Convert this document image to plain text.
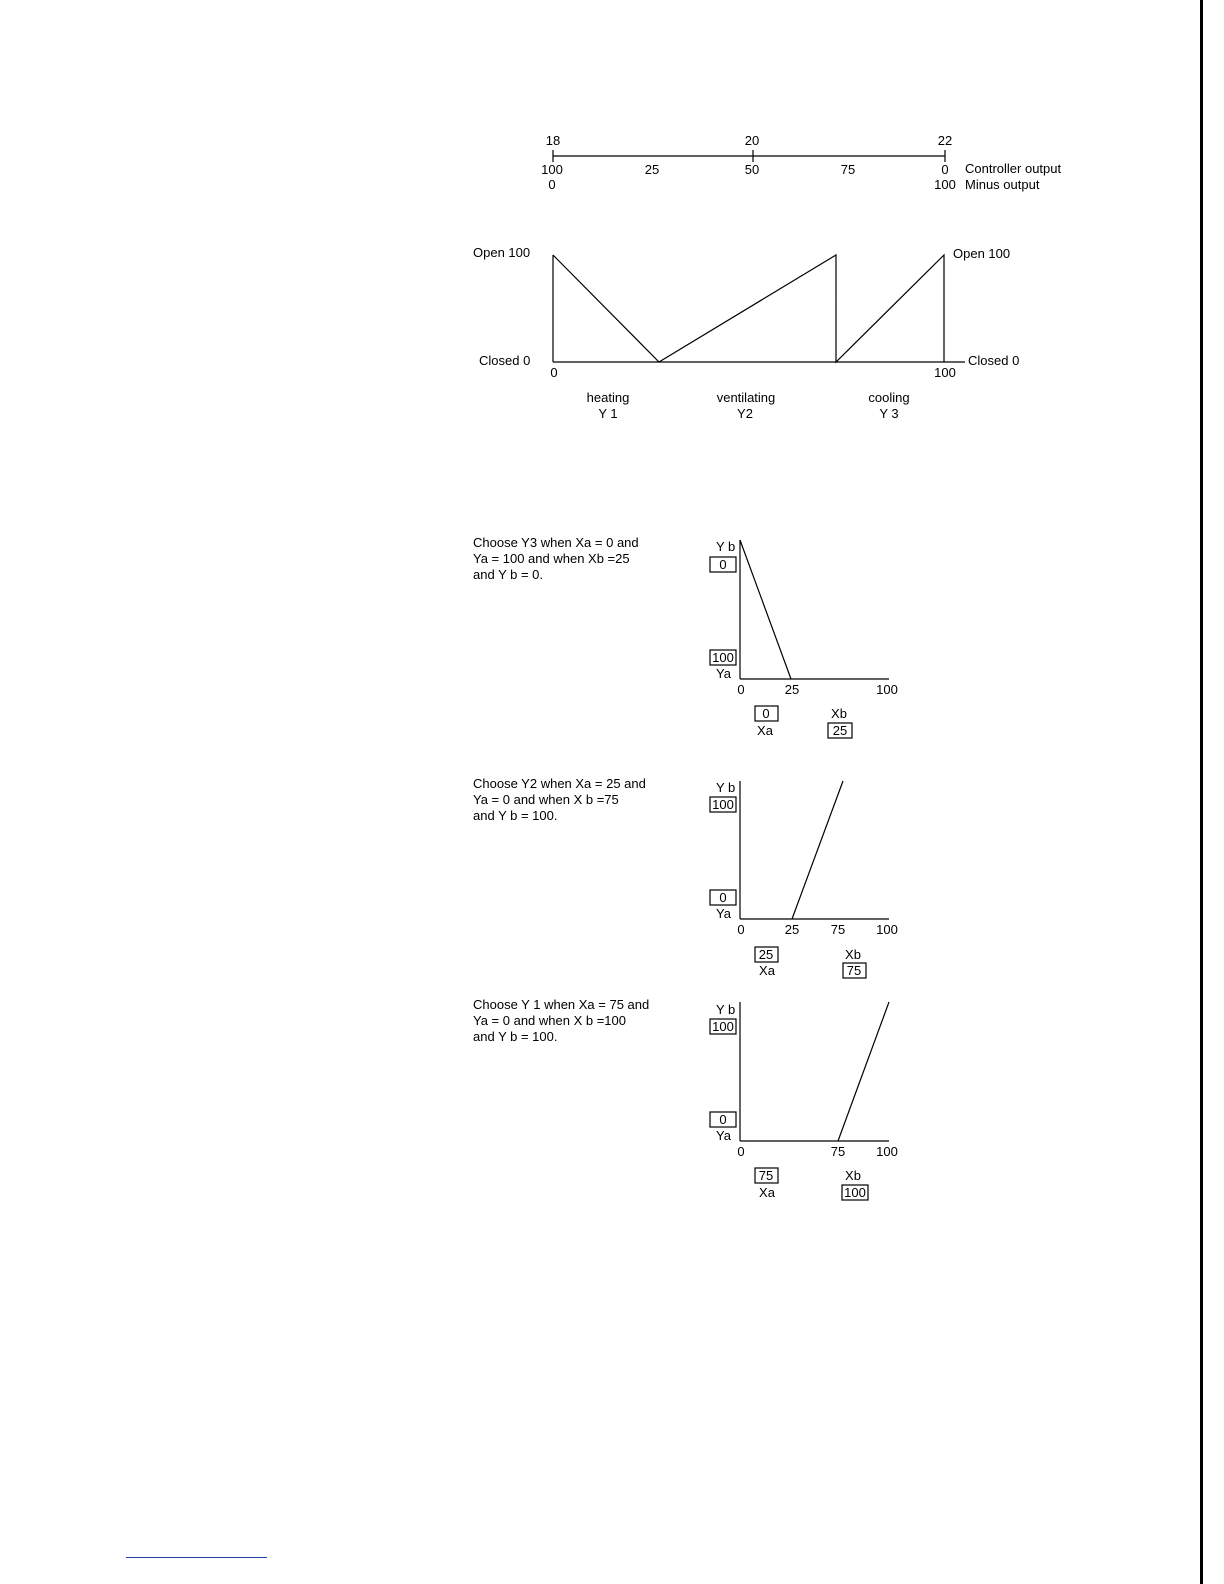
18	20	22
100	25	50	75	0
0	100
Controller output
Minus output
Open 100
Closed 0
Open 100
Closed 0
0	100
heating
Y 1
ventilating
Y2
cooling
Y 3
Y b
0
100
Ya
0	25	100
0
Xa
Xb
25
Y b
100
0
Ya
0	25 75 100
25
Xa
Xb
75
Y b
100
0
Ya
0	75 100
75
Xa
Xb
100

Choose Y3 when Xa = 0 and
Ya = 100 and when Xb =25
and Y b = 0.

Choose Y2 when Xa = 25 and
Ya = 0 and when X b =75
and Y b = 100.

Choose Y 1 when Xa = 75 and
Ya = 0 and when X b =100
and Y b = 100.
